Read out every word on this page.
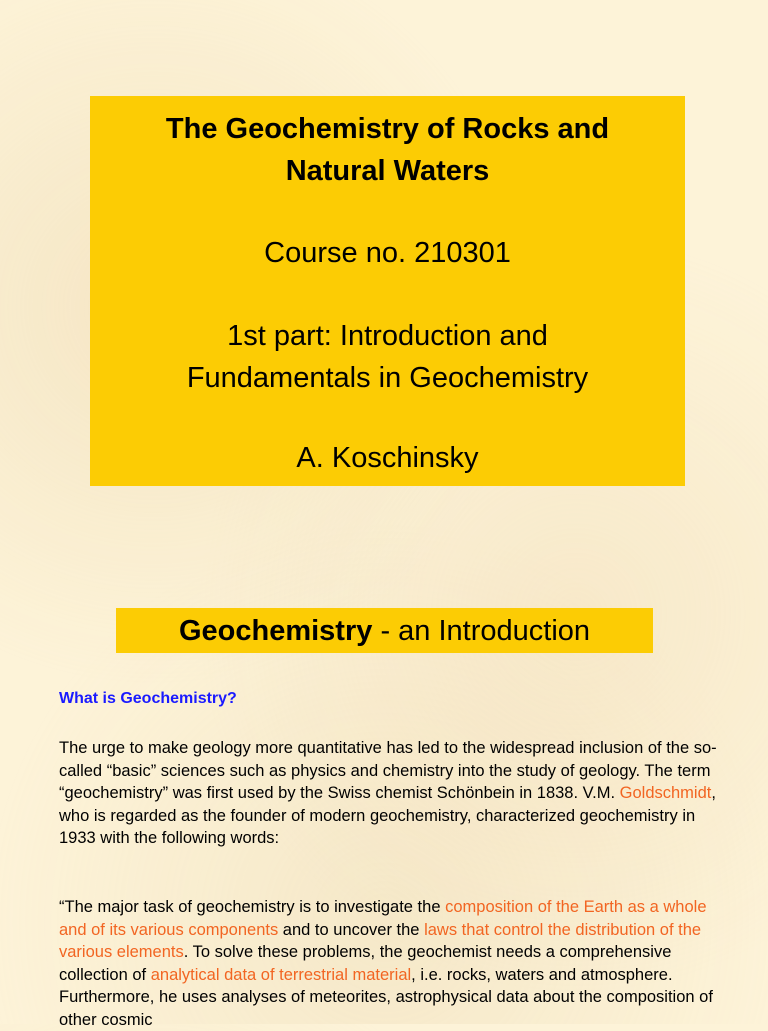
The Geochemistry of Rocks and
Natural Waters
Course no. 210301
1st part: Introduction and
Fundamentals in Geochemistry
A. Koschinsky
Geochemistry - an Introduction
What is Geochemistry?
The urge to make geology more quantitative has led to the widespread inclusion of the so-called “basic” sciences such as physics and chemistry into the study of geology. The term “geochemistry” was first used by the Swiss chemist Schönbein in 1838. V.M. Goldschmidt, who is regarded as the founder of modern geochemistry, characterized geochemistry in 1933 with the following words:
“The major task of geochemistry is to investigate the composition of the Earth as a whole and of its various components and to uncover the laws that control the distribution of the various elements. To solve these problems, the geochemist needs a comprehensive collection of analytical data of terrestrial material, i.e. rocks, waters and atmosphere. Furthermore, he uses analyses of meteorites, astrophysical data about the composition of other cosmic
